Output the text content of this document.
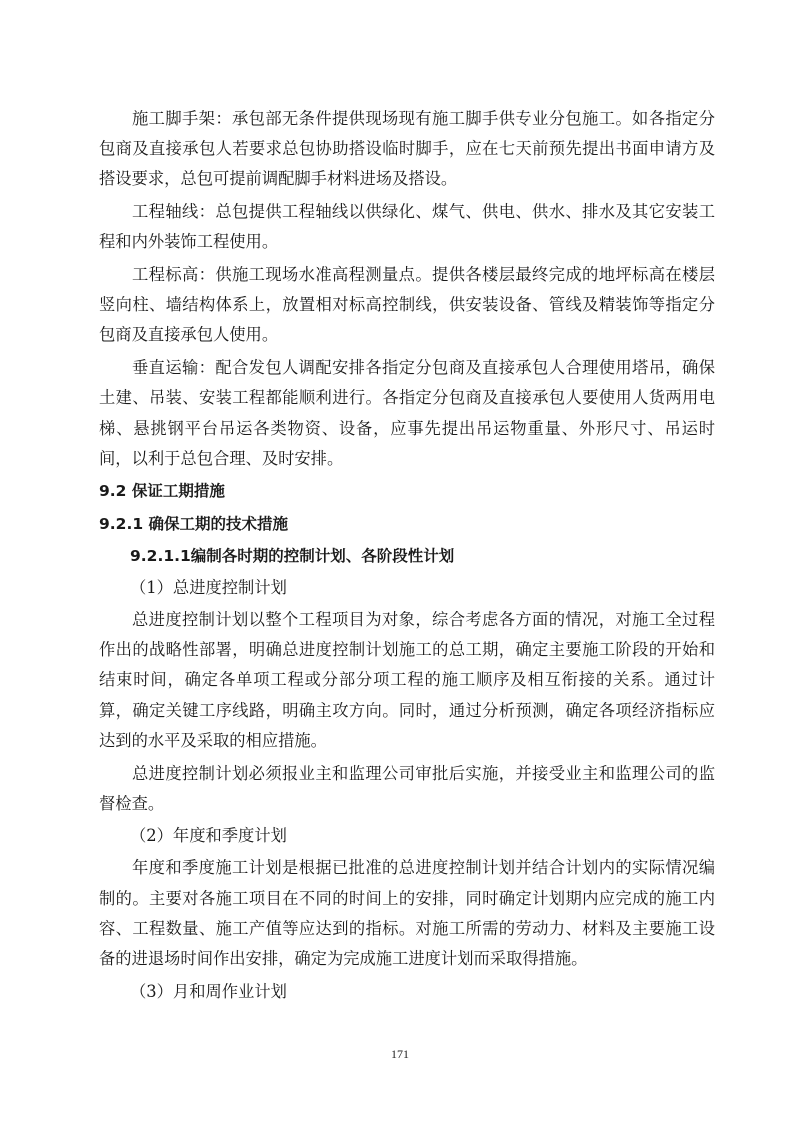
施工脚手架：承包部无条件提供现场现有施工脚手供专业分包施工。如各指定分包商及直接承包人若要求总包协助搭设临时脚手，应在七天前预先提出书面申请方及搭设要求，总包可提前调配脚手材料进场及搭设。

工程轴线：总包提供工程轴线以供绿化、煤气、供电、供水、排水及其它安装工程和内外装饰工程使用。

工程标高：供施工现场水准高程测量点。提供各楼层最终完成的地坪标高在楼层竖向柱、墙结构体系上，放置相对标高控制线，供安装设备、管线及精装饰等指定分包商及直接承包人使用。

垂直运输：配合发包人调配安排各指定分包商及直接承包人合理使用塔吊，确保土建、吊装、安装工程都能顺利进行。各指定分包商及直接承包人要使用人货两用电梯、悬挑钢平台吊运各类物资、设备，应事先提出吊运物重量、外形尺寸、吊运时间，以利于总包合理、及时安排。

9.2 保证工期措施
9.2.1 确保工期的技术措施
9.2.1.1编制各时期的控制计划、各阶段性计划
（1）总进度控制计划

总进度控制计划以整个工程项目为对象，综合考虑各方面的情况，对施工全过程作出的战略性部署，明确总进度控制计划施工的总工期，确定主要施工阶段的开始和结束时间，确定各单项工程或分部分项工程的施工顺序及相互衔接的关系。通过计算，确定关键工序线路，明确主攻方向。同时，通过分析预测，确定各项经济指标应达到的水平及采取的相应措施。

总进度控制计划必须报业主和监理公司审批后实施，并接受业主和监理公司的监督检查。

（2）年度和季度计划

年度和季度施工计划是根据已批准的总进度控制计划并结合计划内的实际情况编制的。主要对各施工项目在不同的时间上的安排，同时确定计划期内应完成的施工内容、工程数量、施工产值等应达到的指标。对施工所需的劳动力、材料及主要施工设备的进退场时间作出安排，确定为完成施工进度计划而采取得措施。

（3）月和周作业计划
171
